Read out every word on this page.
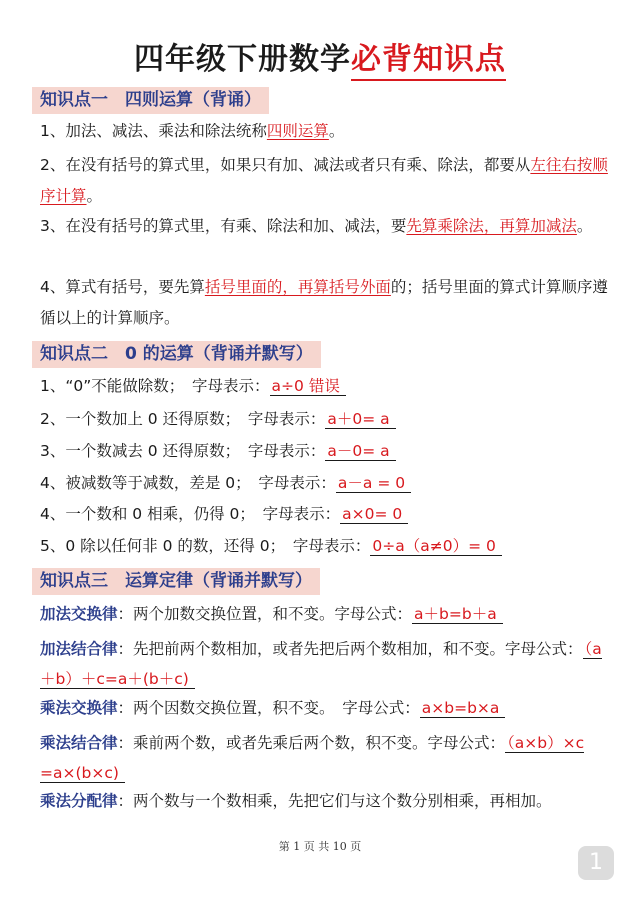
四年级下册数学必背知识点
知识点一　四则运算（背诵）
1、加法、减法、乘法和除法统称四则运算。
2、在没有括号的算式里，如果只有加、减法或者只有乘、除法，都要从左往右按顺序计算。
3、在没有括号的算式里，有乘、除法和加、减法，要先算乘除法，再算加减法。
4、算式有括号，要先算括号里面的，再算括号外面的；括号里面的算式计算顺序遵循以上的计算顺序。
知识点二　0 的运算（背诵并默写）
1、“0”不能做除数；　字母表示： a÷0 错误
2、一个数加上 0 还得原数；　字母表示： a＋0= a
3、一个数减去 0 还得原数；　字母表示： a－0= a
4、被减数等于减数，差是 0；　字母表示： a－a = 0
4、一个数和 0 相乘，仍得 0；　字母表示： a×0= 0
5、0 除以任何非 0 的数，还得 0；　字母表示： 0÷a（a≠0）= 0
知识点三　运算定律（背诵并默写）
加法交换律：两个加数交换位置，和不变。字母公式： a＋b=b＋a
加法结合律：先把前两个数相加，或者先把后两个数相加，和不变。字母公式： （a＋b）＋c=a＋(b＋c)
乘法交换律：两个因数交换位置，积不变。　字母公式： a×b=b×a
乘法结合律：乘前两个数，或者先乘后两个数，积不变。字母公式： （a×b）×c =a×(b×c)
乘法分配律：两个数与一个数相乘，先把它们与这个数分别相乘，再相加。
第 1 页 共 10 页
1
